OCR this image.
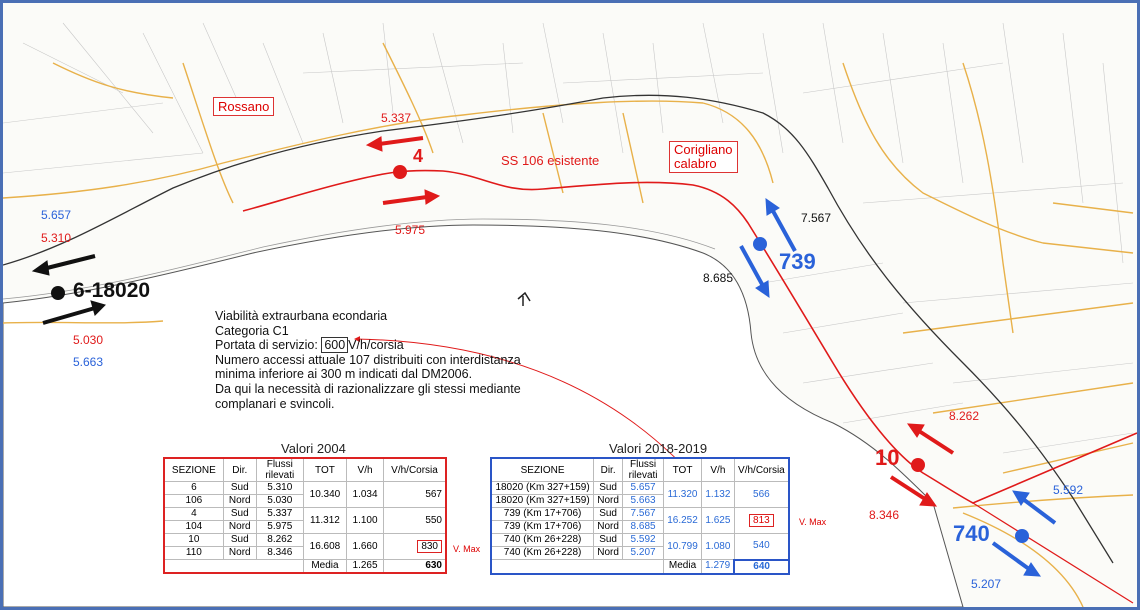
Rossano
Corigliano
calabro
SS 106 esistente
4
739
10
740
6-18020
5.657
5.310
5.030
5.663
5.337
5.975
7.567
8.685
8.262
8.346
5.592
5.207
Viabilità extraurbana econdaria
Categoria C1
Portata di servizio: 600 V/h/corsia
Numero accessi attuale 107 distribuiti con interdistanza
minima inferiore ai 300 m indicati dal DM2006.
Da qui la necessità di razionalizzare gli stessi mediante
complanari e svincoli.
Valori 2004
SEZIONE	Dir.	Flussi rilevati	TOT	V/h	V/h/Corsia
6	Sud	5.310	10.340	1.034	567
106	Nord	5.030			
4	Sud	5.337	11.312	1.100	550
104	Nord	5.975			
10	Sud	8.262	16.608	1.660	830
110	Nord	8.346			
			Media	1.265	630
V. Max
Valori 2018-2019
SEZIONE	Dir.	Flussi rilevati	TOT	V/h	V/h/Corsia
18020 (Km 327+159)	Sud	5.657	11.320	1.132	566
18020 (Km 327+159)	Nord	5.663			
739 (Km 17+706)	Sud	7.567	16.252	1.625	813
739 (Km 17+706)	Nord	8.685			
740 (Km 26+228)	Sud	5.592	10.799	1.080	540
740 (Km 26+228)	Nord	5.207			
			Media	1.279	640
V. Max
